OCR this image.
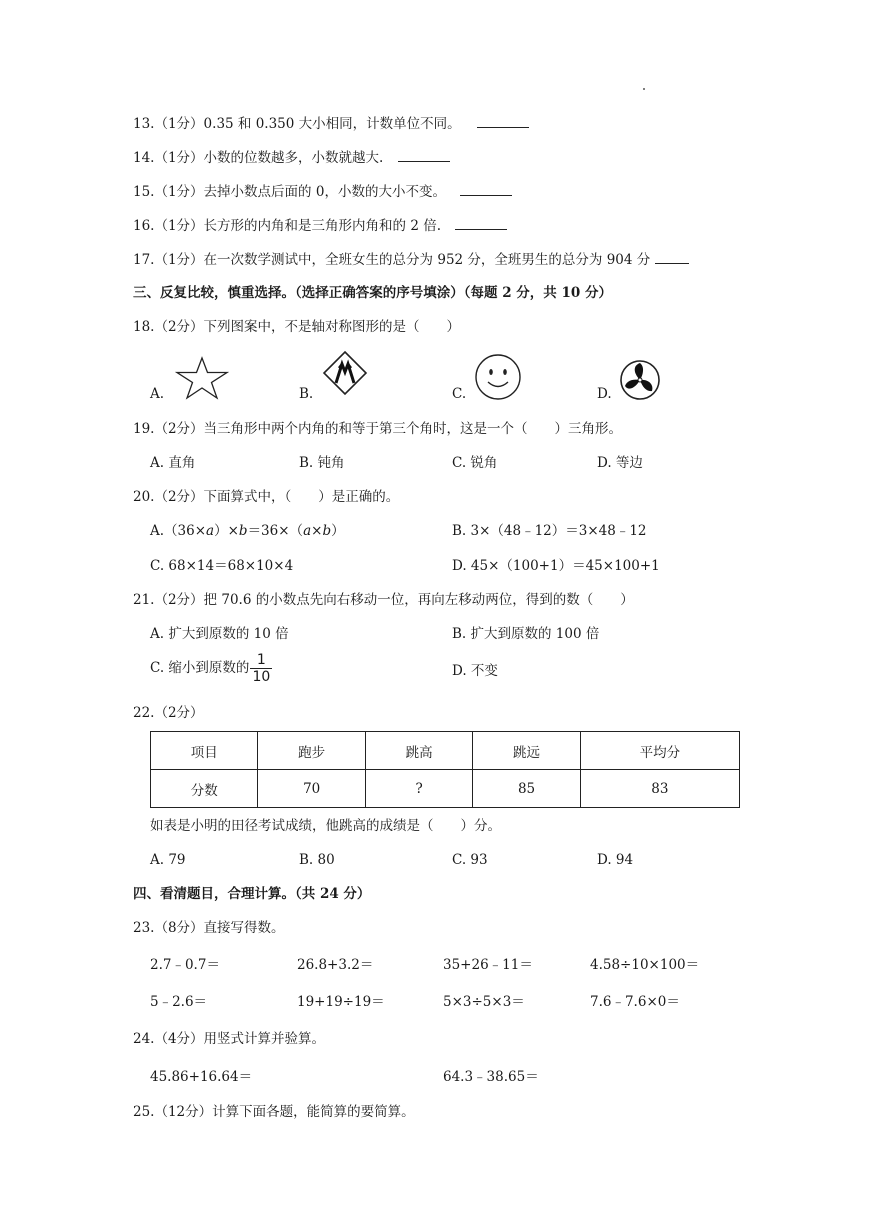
13.（1分）0.35 和 0.350 大小相同，计数单位不同。
14.（1分）小数的位数越多，小数就越大.
15.（1分）去掉小数点后面的 0，小数的大小不变。
16.（1分）长方形的内角和是三角形内角和的 2 倍.
17.（1分）在一次数学测试中，全班女生的总分为 952 分，全班男生的总分为 904 分
三、反复比较，慎重选择。（选择正确答案的序号填涂）（每题 2 分，共 10 分）
18.（2分）下列图案中，不是轴对称图形的是（　　）
A.	B.	C.	D.
19.（2分）当三角形中两个内角的和等于第三个角时，这是一个（　　）三角形。
A. 直角	B. 钝角	C. 锐角	D. 等边
20.（2分）下面算式中，（　　）是正确的。
A.（36×a）×b＝36×（a×b）	B. 3×（48﹣12）＝3×48﹣12
C. 68×14＝68×10×4	D. 45×（100+1）＝45×100+1
21.（2分）把 70.6 的小数点先向右移动一位，再向左移动两位，得到的数（　　）
A. 扩大到原数的 10 倍	B. 扩大到原数的 100 倍
C. 缩小到原数的 $\frac{1}{10}$	D. 不变
22.（2分）
项目	跑步	跳高	跳远	平均分
分数	70	?	85	83
如表是小明的田径考试成绩，他跳高的成绩是（　　）分。
A. 79	B. 80	C. 93	D. 94
四、看清题目，合理计算。（共 24 分）
23.（8分）直接写得数。
2.7﹣0.7＝	26.8+3.2＝	35+26﹣11＝	4.58÷10×100＝
5﹣2.6＝	19+19÷19＝	5×3÷5×3＝	7.6﹣7.6×0＝
24.（4分）用竖式计算并验算。
45.86+16.64＝	64.3﹣38.65＝
25.（12分）计算下面各题，能简算的要简算。
